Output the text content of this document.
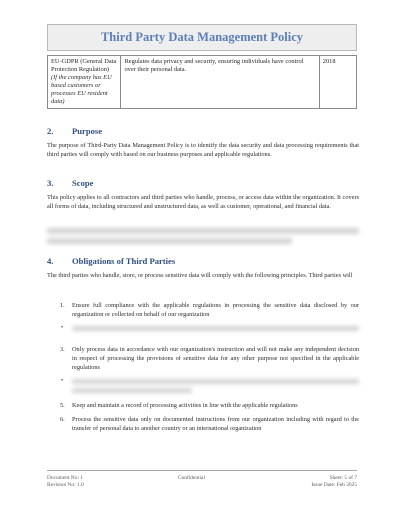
Third Party Data Management Policy
EU-GDPR (General Data Protection Regulation)
(If the company has EU based customers or processes EU resident data)	Regulates data privacy and security, ensuring individuals have control over their personal data.	2018
2. Purpose
The purpose of Third-Party Data Management Policy is to identify the data security and data processing requirements that third parties will comply with based on our business purposes and applicable regulations.
3. Scope
This policy applies to all contractors and third parties who handle, process, or access data within the organization. It covers all forms of data, including structured and unstructured data, as well as customer, operational, and financial data.
4. Obligations of Third Parties
The third parties who handle, store, or process sensitive data will comply with the following principles. Third parties will
1. Ensure full compliance with the applicable regulations in processing the sensitive data disclosed by our organization or collected on behalf of our organization
•
3. Only process data in accordance with our organization's instruction and will not make any independent decision in respect of processing the provisions of sensitive data for any other purpose not specified in the applicable regulations
•
5. Keep and maintain a record of processing activities in line with the applicable regulations
6. Process the sensitive data only on documented instructions from our organization including with regard to the transfer of personal data to another country or an international organization
Document No: 1
Revision No: 1.0
Confidential	Sheet: 5 of 7
Issue Date: Feb 2025
